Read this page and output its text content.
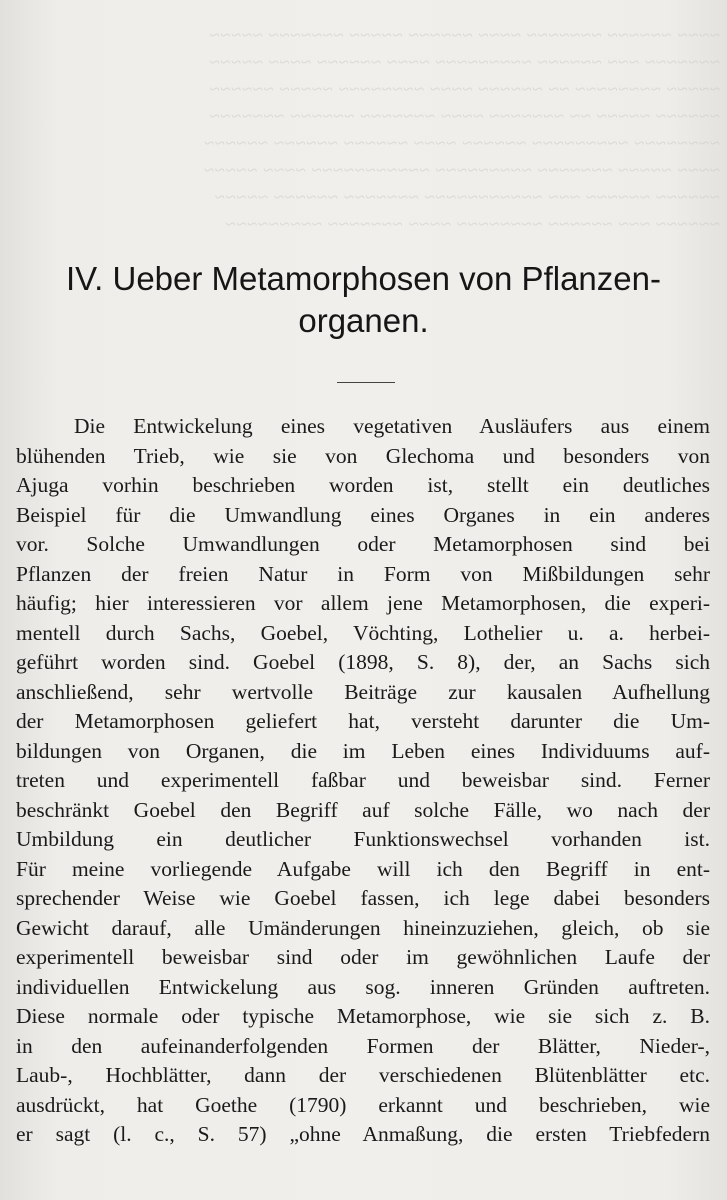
~~~~ ~~~~~~ ~~~~~~~ ~~~~ ~~~~~~ ~~~~~ ~~~~~~~ ~~~~~
~~~~~~~ ~~~ ~~~~~~ ~~~~~~~~~ ~~~~ ~~~~~~ ~~~~ ~~~~~
~~~~~ ~~~~~~~~ ~~ ~~~~~~ ~~~~ ~~~~~~~~ ~~~~~ ~~~~~~
~~~~~~ ~~~~~ ~~ ~~~~~~~ ~~~~ ~~~~~~~ ~~~~~~ ~~~~~~~
~~~~~~~~ ~~~~~~~~~ ~~~~~~ ~~~~ ~~~~~~ ~~~~~~ ~~~~~~
~~~~ ~~~~~ ~~~~~~~ ~~~~~~~~~ ~~~~~~~~~~~ ~~~~ ~~~~~
~~~~~~ ~~~~~~ ~~~ ~~~~~~~~~~~ ~~~~~~~ ~~~~~~ ~~~~~
~~~~~~ ~~~ ~~~~~~ ~~~~~~~~ ~~~~ ~~~~~~~ ~~~~~~~~~
IV. Ueber Metamorphosen von Pflanzen-
organen.
Die Entwickelung eines vegetativen Ausläufers aus einem
blühenden Trieb, wie sie von Glechoma und besonders von
Ajuga vorhin beschrieben worden ist, stellt ein deutliches
Beispiel für die Umwandlung eines Organes in ein anderes
vor. Solche Umwandlungen oder Metamorphosen sind bei
Pflanzen der freien Natur in Form von Mißbildungen sehr
häufig; hier interessieren vor allem jene Metamorphosen, die experi-
mentell durch Sachs, Goebel, Vöchting, Lothelier u. a. herbei-
geführt worden sind. Goebel (1898, S. 8), der, an Sachs sich
anschließend, sehr wertvolle Beiträge zur kausalen Aufhellung
der Metamorphosen geliefert hat, versteht darunter die Um-
bildungen von Organen, die im Leben eines Individuums auf-
treten und experimentell faßbar und beweisbar sind. Ferner
beschränkt Goebel den Begriff auf solche Fälle, wo nach der
Umbildung ein deutlicher Funktionswechsel vorhanden ist.
Für meine vorliegende Aufgabe will ich den Begriff in ent-
sprechender Weise wie Goebel fassen, ich lege dabei besonders
Gewicht darauf, alle Umänderungen hineinzuziehen, gleich, ob sie
experimentell beweisbar sind oder im gewöhnlichen Laufe der
individuellen Entwickelung aus sog. inneren Gründen auftreten.
Diese normale oder typische Metamorphose, wie sie sich z. B.
in den aufeinanderfolgenden Formen der Blätter, Nieder-,
Laub-, Hochblätter, dann der verschiedenen Blütenblätter etc.
ausdrückt, hat Goethe (1790) erkannt und beschrieben, wie
er sagt (l. c., S. 57) „ohne Anmaßung, die ersten Triebfedern
